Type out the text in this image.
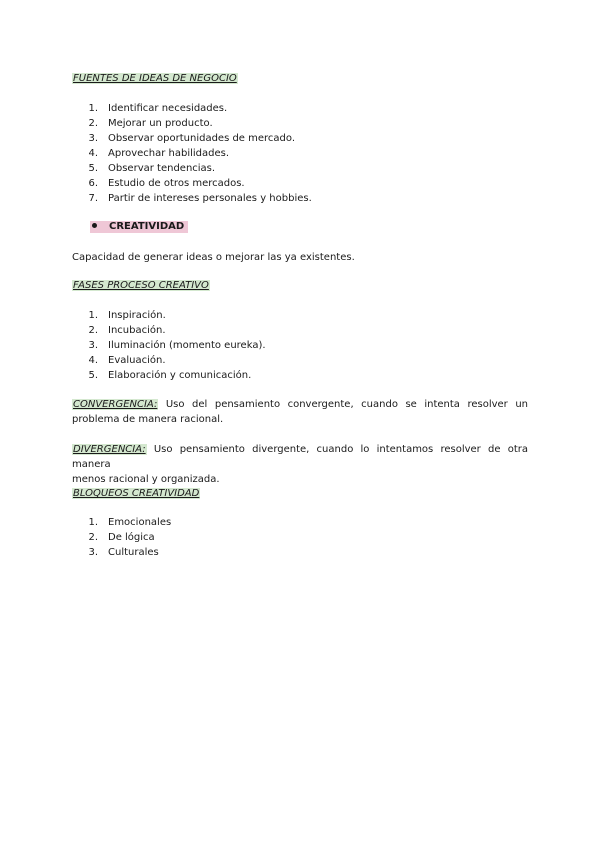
FUENTES DE IDEAS DE NEGOCIO
1. Identificar necesidades.
2. Mejorar un producto.
3. Observar oportunidades de mercado.
4. Aprovechar habilidades.
5. Observar tendencias.
6. Estudio de otros mercados.
7. Partir de intereses personales y hobbies.
CREATIVIDAD
Capacidad de generar ideas o mejorar las ya existentes.
FASES PROCESO CREATIVO
1. Inspiración.
2. Incubación.
3. Iluminación (momento eureka).
4. Evaluación.
5. Elaboración y comunicación.
CONVERGENCIA: Uso del pensamiento convergente, cuando se intenta resolver un
problema de manera racional.
DIVERGENCIA: Uso pensamiento divergente, cuando lo intentamos resolver de otra manera
menos racional y organizada.
BLOQUEOS CREATIVIDAD
1. Emocionales
2. De lógica
3. Culturales
